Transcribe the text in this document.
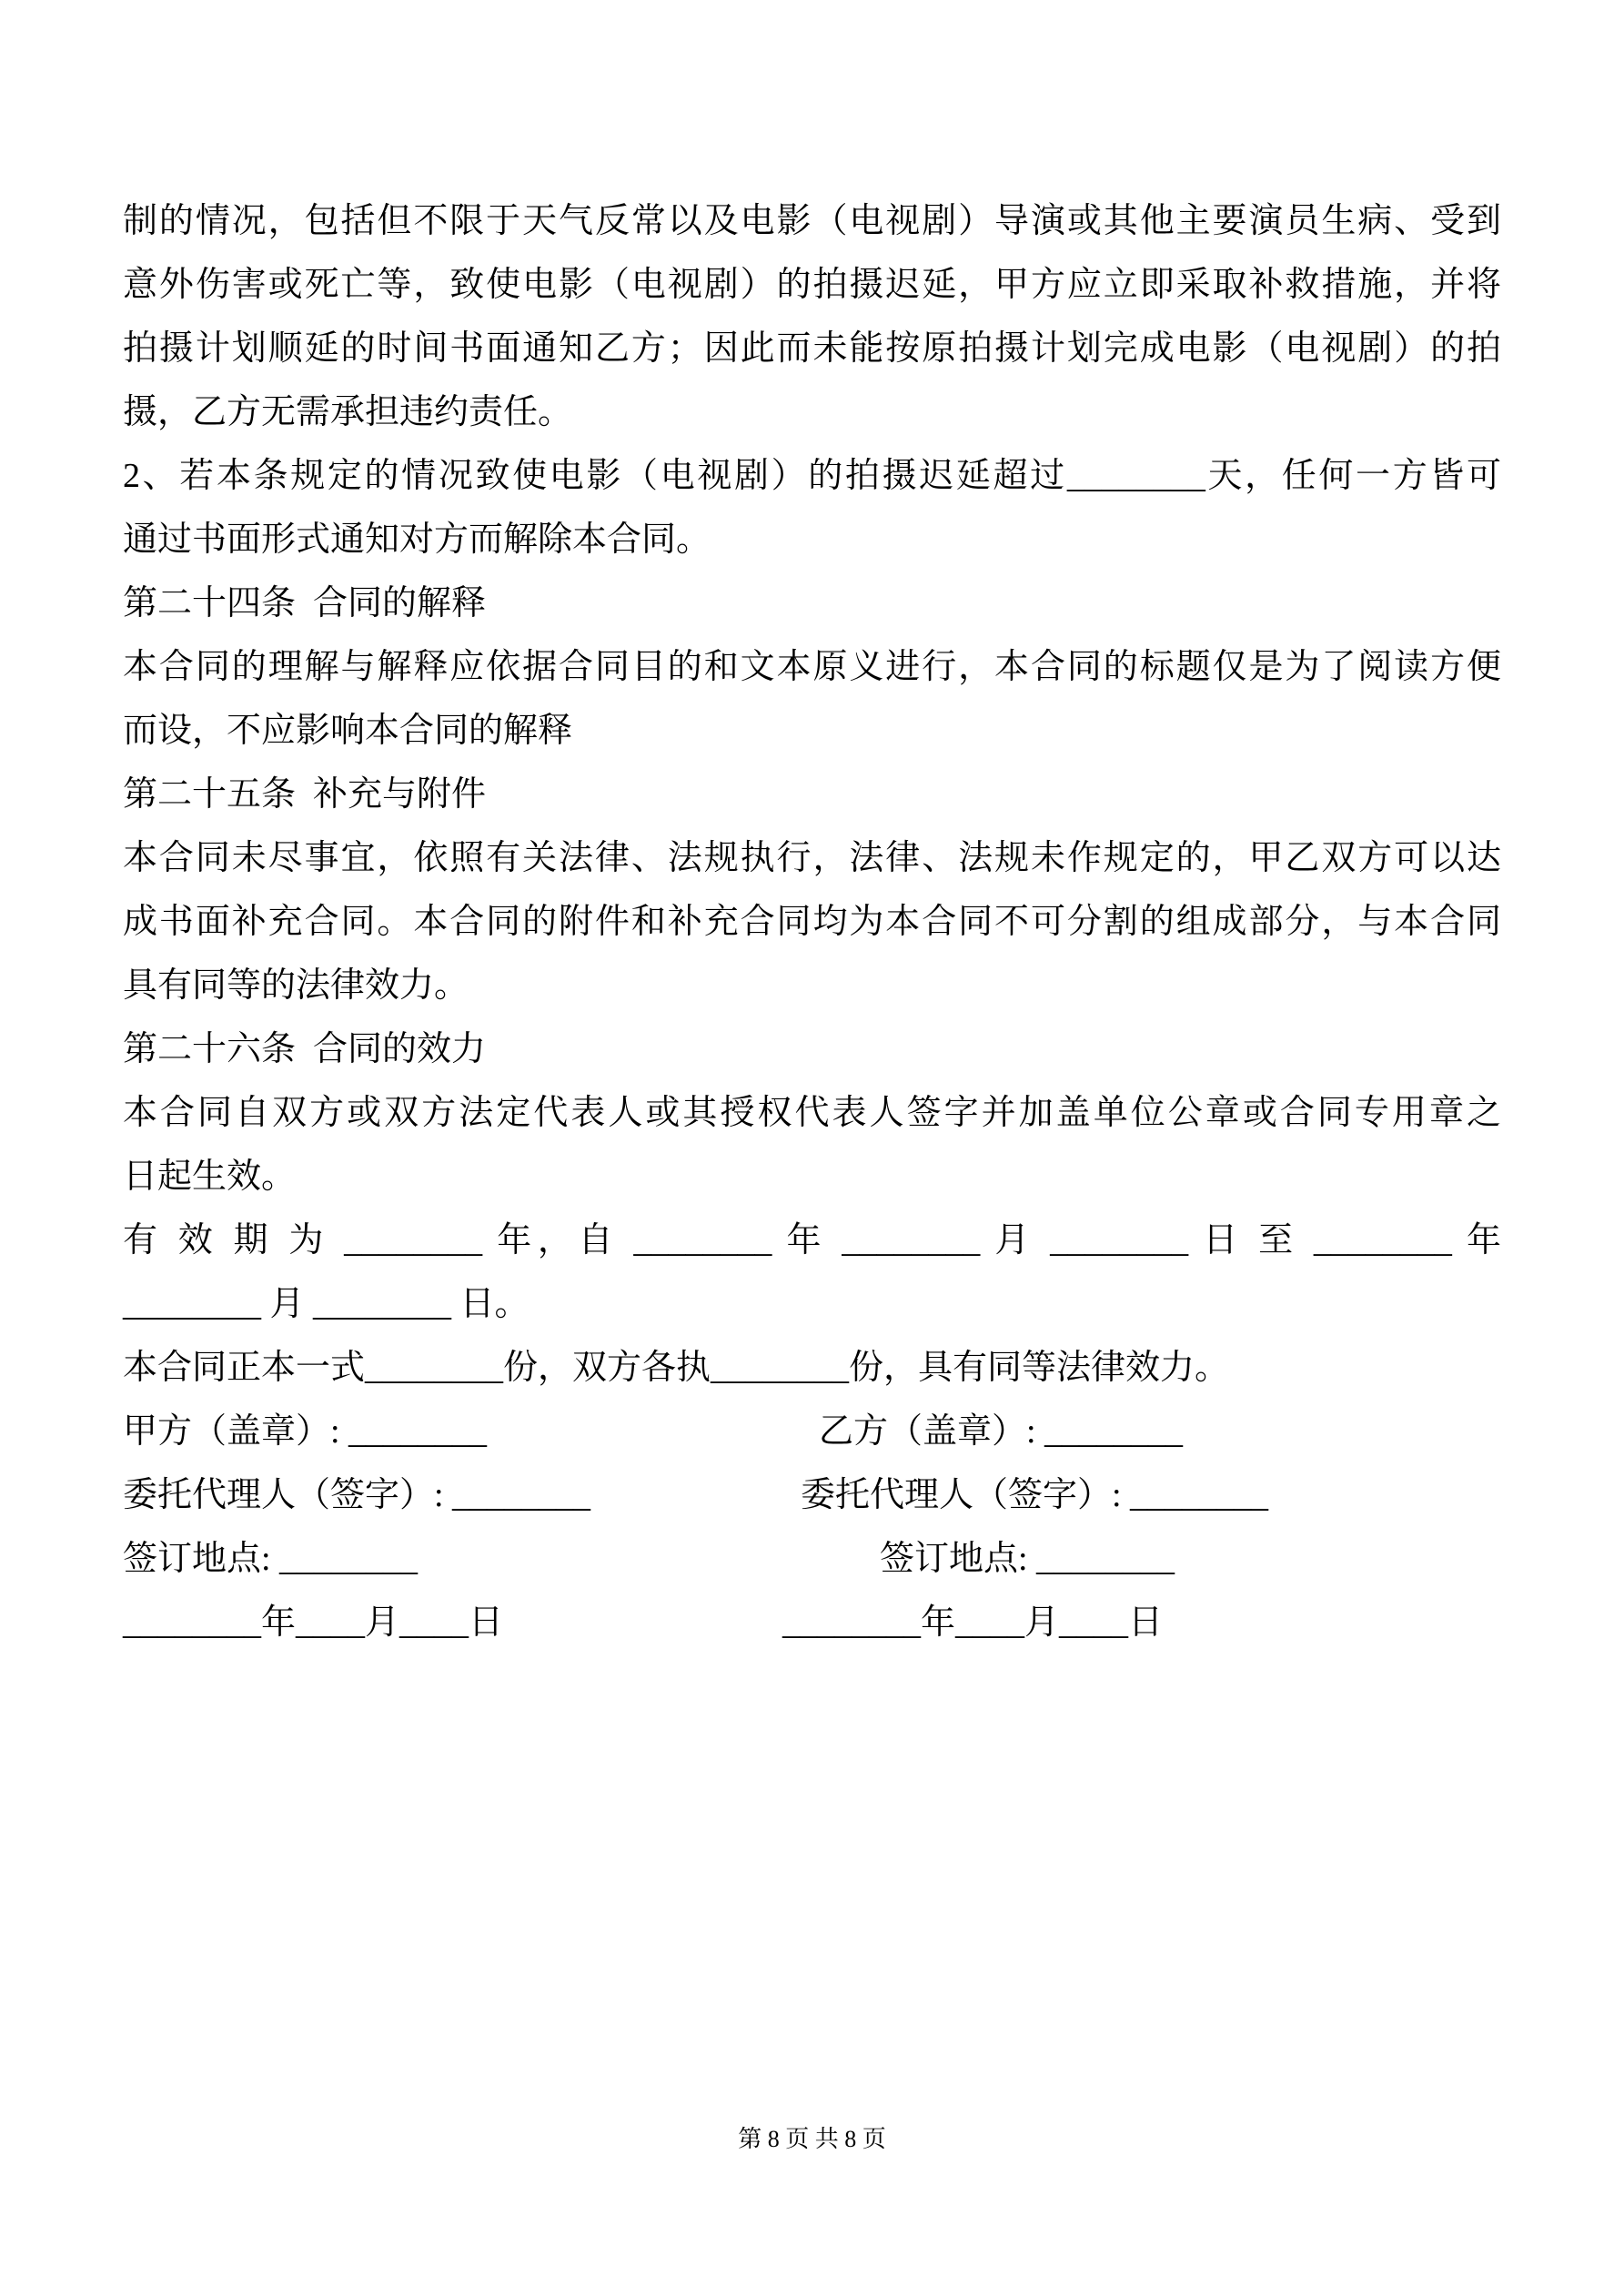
制的情况，包括但不限于天气反常以及电影（电视剧）导演或其他主要演员生病、受到
意外伤害或死亡等，致使电影（电视剧）的拍摄迟延，甲方应立即采取补救措施，并将
拍摄计划顺延的时间书面通知乙方；因此而未能按原拍摄计划完成电影（电视剧）的拍
摄，乙方无需承担违约责任。
2、若本条规定的情况致使电影（电视剧）的拍摄迟延超过________天，任何一方皆可
通过书面形式通知对方而解除本合同。
第二十四条  合同的解释
本合同的理解与解释应依据合同目的和文本原义进行，本合同的标题仅是为了阅读方便
而设，不应影响本合同的解释
第二十五条  补充与附件
本合同未尽事宜，依照有关法律、法规执行，法律、法规未作规定的，甲乙双方可以达
成书面补充合同。本合同的附件和补充合同均为本合同不可分割的组成部分，与本合同
具有同等的法律效力。
第二十六条  合同的效力
本合同自双方或双方法定代表人或其授权代表人签字并加盖单位公章或合同专用章之
日起生效。
有 效 期 为 ________ 年，自 ________ 年 ________ 月 ________ 日 至 ________ 年
________ 月 ________ 日。
本合同正本一式________份，双方各执________份，具有同等法律效力。
甲方（盖章）: ________	乙方（盖章）: ________
委托代理人（签字）: ________	委托代理人（签字）: ________
签订地点: ________	签订地点: ________
________年____月____日	________年____月____日
第 8 页 共 8 页
